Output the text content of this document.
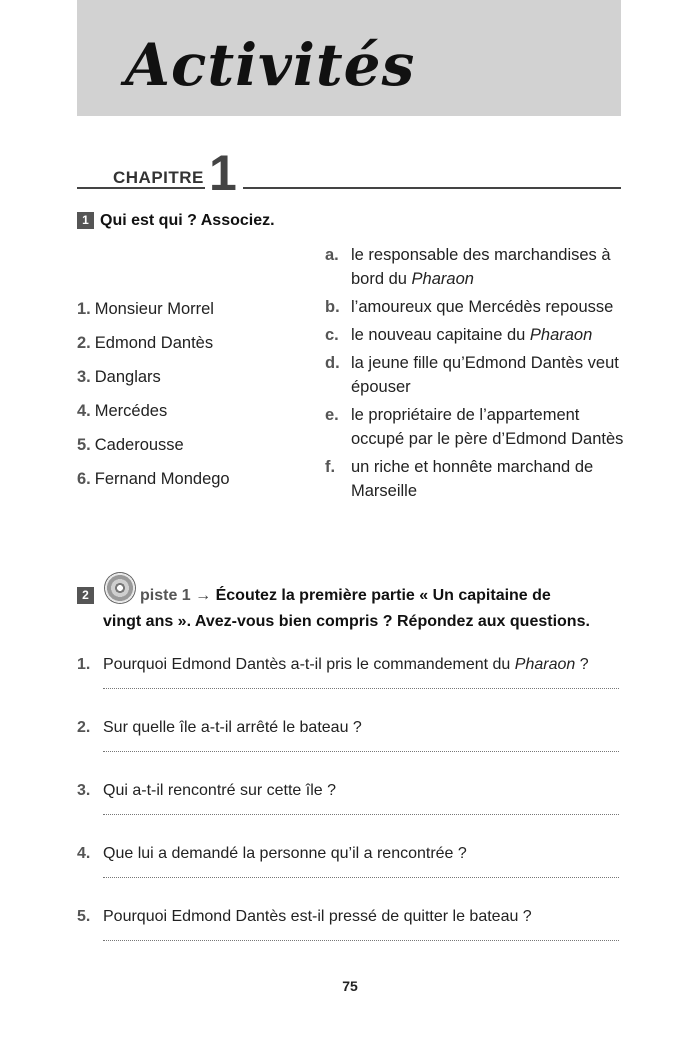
Activités
CHAPITRE 1
1 Qui est qui ? Associez.
1. Monsieur Morrel
2. Edmond Dantès
3. Danglars
4. Mercédes
5. Caderousse
6. Fernand Mondego
a. le responsable des marchandises à bord du Pharaon
b. l’amoureux que Mercédès repousse
c. le nouveau capitaine du Pharaon
d. la jeune fille qu’Edmond Dantès veut épouser
e. le propriétaire de l’appartement occupé par le père d’Edmond Dantès
f. un riche et honnête marchand de Marseille
2	piste 1 → Écoutez la première partie « Un capitaine de
vingt ans ». Avez-vous bien compris ? Répondez aux questions.
1. Pourquoi Edmond Dantès a-t-il pris le commandement du Pharaon ?
2. Sur quelle île a-t-il arrêté le bateau ?
3. Qui a-t-il rencontré sur cette île ?
4. Que lui a demandé la personne qu’il a rencontrée ?
5. Pourquoi Edmond Dantès est-il pressé de quitter le bateau ?
75
